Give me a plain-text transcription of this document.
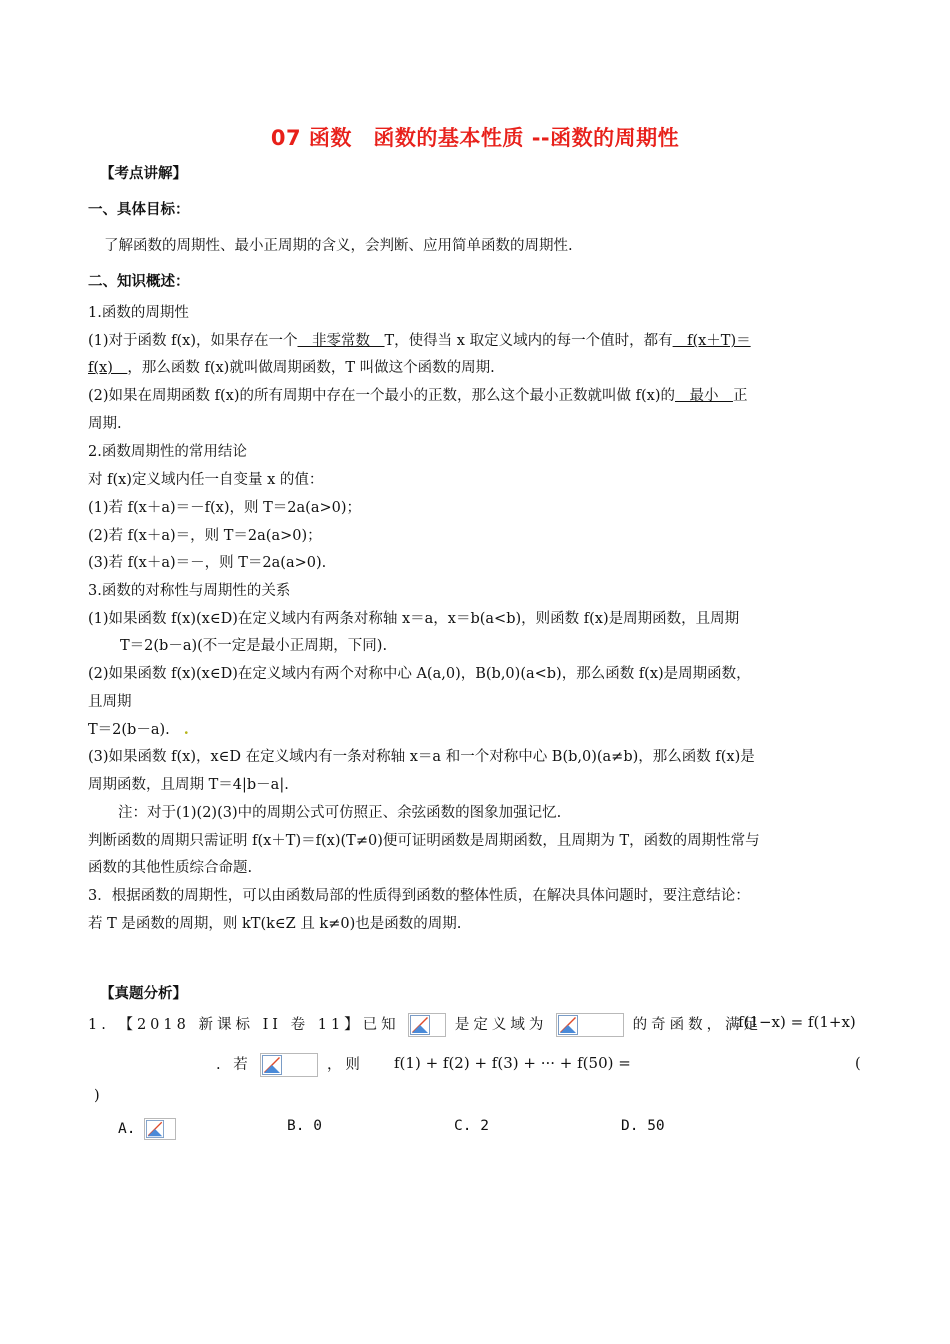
07 函数　函数的基本性质 --函数的周期性
【考点讲解】
一、具体目标：
了解函数的周期性、最小正周期的含义，会判断、应用简单函数的周期性.
二、知识概述：
1.函数的周期性
(1)对于函数 f(x)，如果存在一个　非零常数　T，使得当 x 取定义域内的每一个值时，都有　f(x＋T)＝
f(x)　，那么函数 f(x)就叫做周期函数，T 叫做这个函数的周期.
(2)如果在周期函数 f(x)的所有周期中存在一个最小的正数，那么这个最小正数就叫做 f(x)的　最小　正
周期.
2.函数周期性的常用结论
对 f(x)定义域内任一自变量 x 的值：
(1)若 f(x＋a)＝－f(x)，则 T＝2a(a>0)；
(2)若 f(x＋a)＝，则 T＝2a(a>0)；
(3)若 f(x＋a)＝－，则 T＝2a(a>0).
3.函数的对称性与周期性的关系
(1)如果函数 f(x)(x∈D)在定义域内有两条对称轴 x＝a，x＝b(a<b)，则函数 f(x)是周期函数，且周期
T＝2(b－a)(不一定是最小正周期，下同).
(2)如果函数 f(x)(x∈D)在定义域内有两个对称中心 A(a,0)，B(b,0)(a<b)，那么函数 f(x)是周期函数，
且周期
T＝2(b－a). .
(3)如果函数 f(x)，x∈D 在定义域内有一条对称轴 x＝a 和一个对称中心 B(b,0)(a≠b)，那么函数 f(x)是
周期函数，且周期 T＝4|b－a|.
注：对于(1)(2)(3)中的周期公式可仿照正、余弦函数的图象加强记忆.
判断函数的周期只需证明 f(x＋T)＝f(x)(T≠0)便可证明函数是周期函数，且周期为 T，函数的周期性常与
函数的其他性质综合命题.
3．根据函数的周期性，可以由函数局部的性质得到函数的整体性质，在解决具体问题时，要注意结论：
若 T 是函数的周期，则 kT(k∈Z 且 k≠0)也是函数的周期.
【真题分析】
1. 【2018 新课标 II 卷 11】已知	是定义域为	的奇函数，满足
f(1−x) = f(1+x)
. 若	，则 f(1) + f(2) + f(3) + ··· + f(50) =	(
)
A.	B. 0	C. 2	D. 50
